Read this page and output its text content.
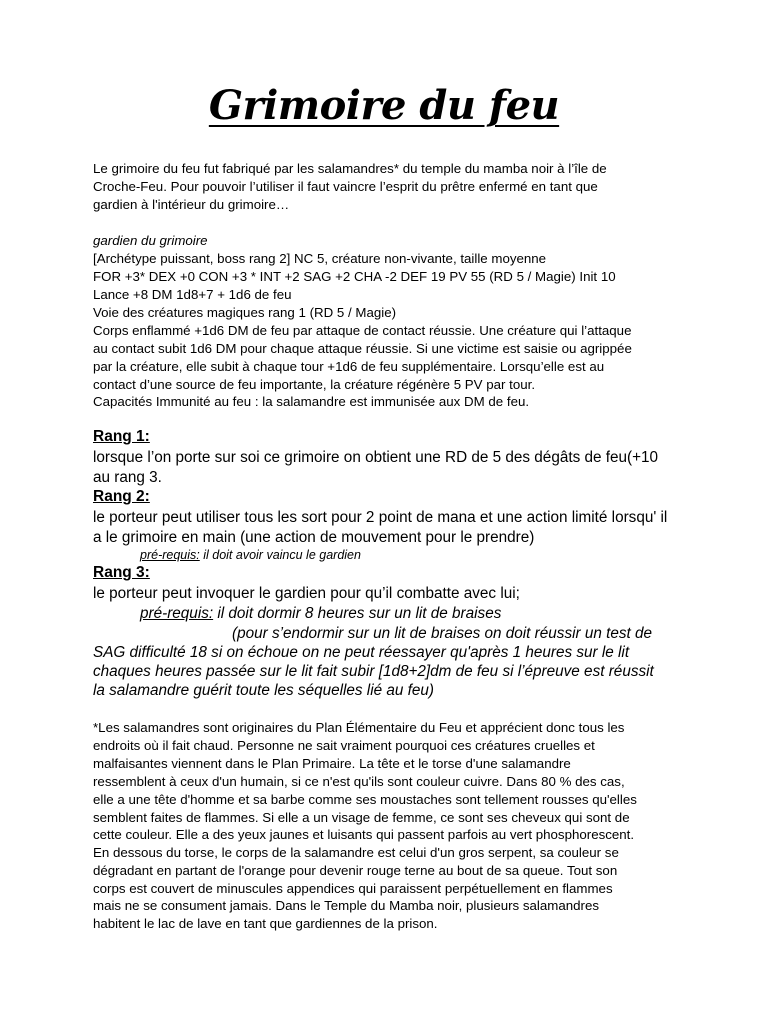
Grimoire du feu
Le grimoire du feu fut fabriqué par les salamandres* du temple du mamba noir à l’île de
Croche-Feu. Pour pouvoir l’utiliser il faut vaincre l’esprit du prêtre enfermé en tant que
gardien à l'intérieur du grimoire…
gardien du grimoire
[Archétype puissant, boss rang 2] NC 5, créature non-vivante, taille moyenne
FOR +3* DEX +0 CON +3 * INT +2 SAG +2 CHA -2 DEF 19 PV 55 (RD 5 / Magie) Init 10
Lance +8 DM 1d8+7 + 1d6 de feu
Voie des créatures magiques rang 1 (RD 5 / Magie)
Corps enflammé +1d6 DM de feu par attaque de contact réussie. Une créature qui l’attaque
au contact subit 1d6 DM pour chaque attaque réussie. Si une victime est saisie ou agrippée
par la créature, elle subit à chaque tour +1d6 de feu supplémentaire. Lorsqu’elle est au
contact d’une source de feu importante, la créature régénère 5 PV par tour.
Capacités Immunité au feu : la salamandre est immunisée aux DM de feu.
Rang 1:
lorsque l’on porte sur soi ce grimoire on obtient une RD de 5 des dégâts de feu(+10
au rang 3.
Rang 2:
le porteur peut utiliser tous les sort pour 2 point de mana et une action limité lorsqu' il
a le grimoire en main (une action de mouvement pour le prendre)
pré-requis: il doit avoir vaincu le gardien
Rang 3:
le porteur peut invoquer le gardien pour qu’il combatte avec lui;
pré-requis: il doit dormir 8 heures sur un lit de braises
(pour s’endormir sur un lit de braises on doit réussir un test de
SAG difficulté 18 si on échoue on ne peut réessayer qu'après 1 heures sur le lit
chaques heures passée sur le lit fait subir [1d8+2]dm de feu si l’épreuve est réussit
la salamandre guérit toute les séquelles lié au feu)
*Les salamandres sont originaires du Plan Élémentaire du Feu et apprécient donc tous les
endroits où il fait chaud. Personne ne sait vraiment pourquoi ces créatures cruelles et
malfaisantes viennent dans le Plan Primaire. La tête et le torse d'une salamandre
ressemblent à ceux d'un humain, si ce n'est qu'ils sont couleur cuivre. Dans 80 % des cas,
elle a une tête d'homme et sa barbe comme ses moustaches sont tellement rousses qu'elles
semblent faites de flammes. Si elle a un visage de femme, ce sont ses cheveux qui sont de
cette couleur. Elle a des yeux jaunes et luisants qui passent parfois au vert phosphorescent.
En dessous du torse, le corps de la salamandre est celui d'un gros serpent, sa couleur se
dégradant en partant de l'orange pour devenir rouge terne au bout de sa queue. Tout son
corps est couvert de minuscules appendices qui paraissent perpétuellement en flammes
mais ne se consument jamais. Dans le Temple du Mamba noir, plusieurs salamandres
habitent le lac de lave en tant que gardiennes de la prison.
